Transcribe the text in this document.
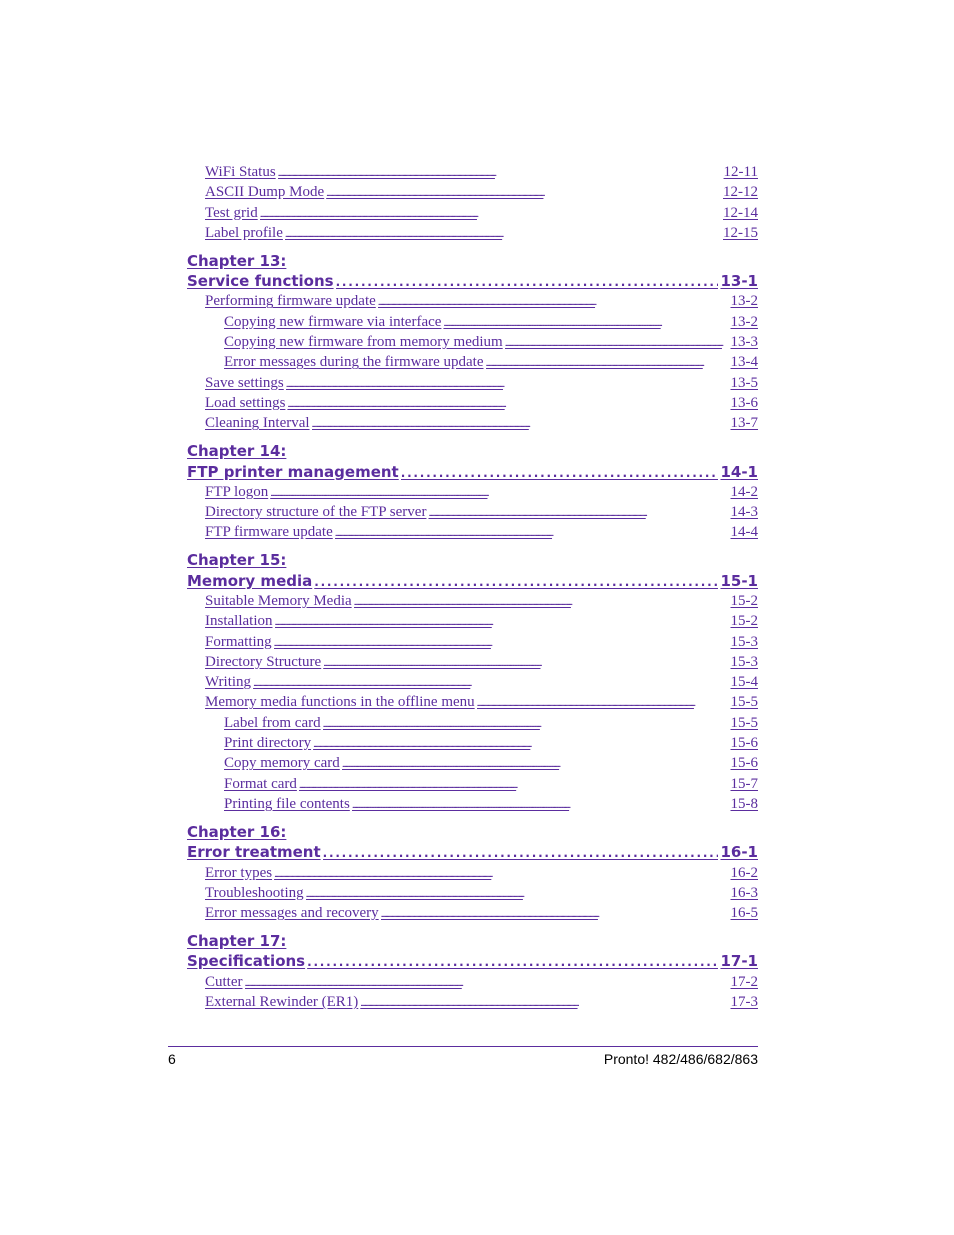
WiFi Status . . .	12-11
ASCII Dump Mode . . .	12-12
Test grid . . .	12-14
Label profile . . .	12-15
Chapter 13:
Service functions . . .	13-1
Performing firmware update . . .	13-2
Copying new firmware via interface . . .	13-2
Copying new firmware from memory medium . . .	13-3
Error messages during the firmware update . . .	13-4
Save settings . . .	13-5
Load settings . . .	13-6
Cleaning Interval . . .	13-7
Chapter 14:
FTP printer management . . .	14-1
FTP logon . . .	14-2
Directory structure of the FTP server . . .	14-3
FTP firmware update . . .	14-4
Chapter 15:
Memory media . . .	15-1
Suitable Memory Media . . .	15-2
Installation . . .	15-2
Formatting . . .	15-3
Directory Structure . . .	15-3
Writing . . .	15-4
Memory media functions in the offline menu . . .	15-5
Label from card . . .	15-5
Print directory . . .	15-6
Copy memory card . . .	15-6
Format card . . .	15-7
Printing file contents . . .	15-8
Chapter 16:
Error treatment . . .	16-1
Error types . . .	16-2
Troubleshooting . . .	16-3
Error messages and recovery . . .	16-5
Chapter 17:
Specifications . . .	17-1
Cutter . . .	17-2
External Rewinder (ER1) . . .	17-3
6	Pronto! 482/486/682/863
